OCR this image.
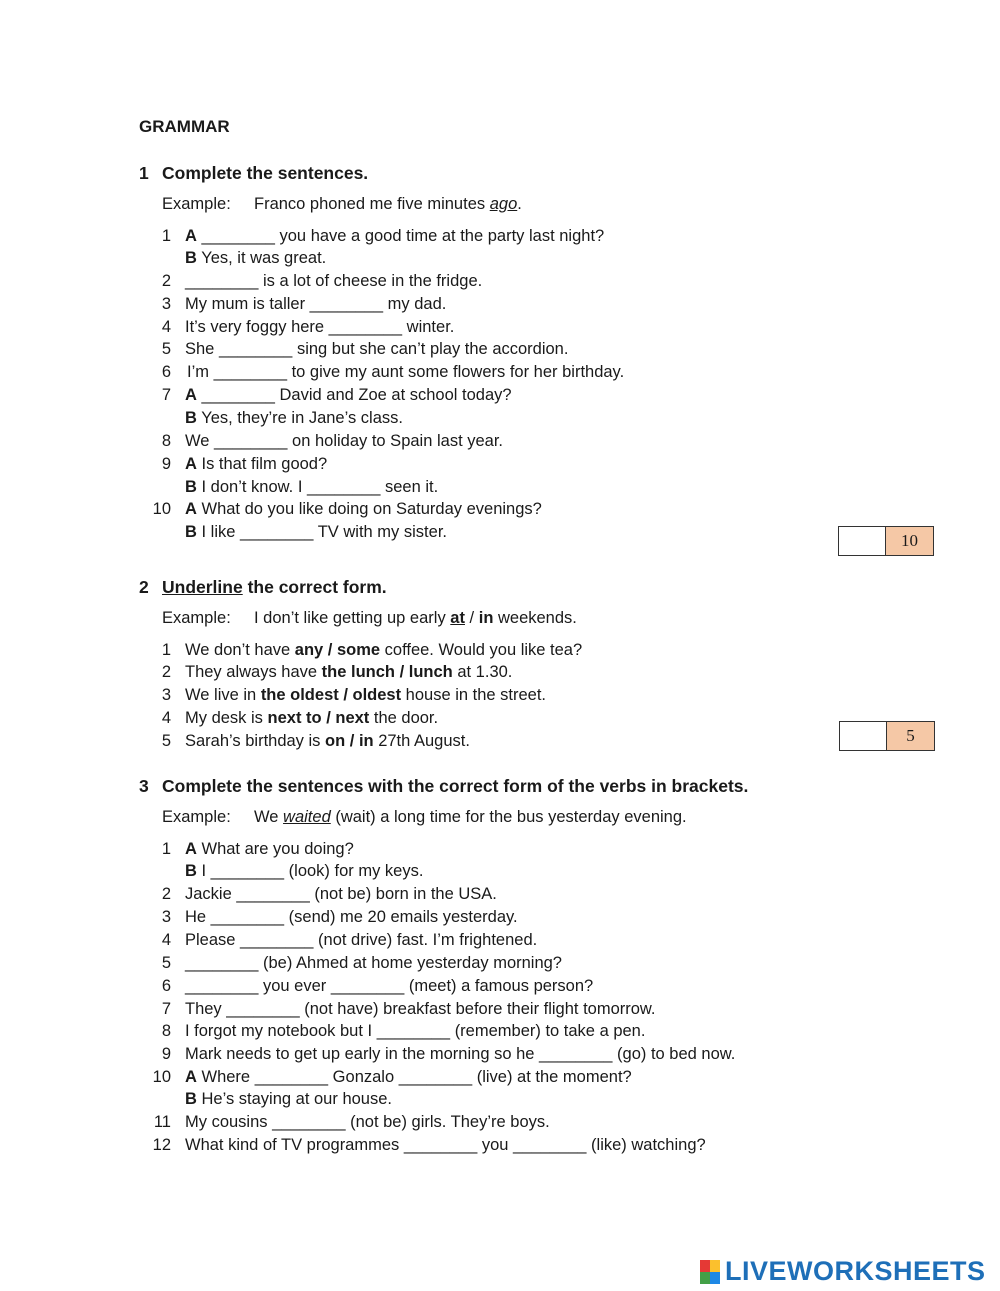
GRAMMAR
1 Complete the sentences.
Example: Franco phoned me five minutes ago.
1 A ________ you have a good time at the party last night?
B Yes, it was great.
2 ________ is a lot of cheese in the fridge.
3 My mum is taller ________ my dad.
4 It’s very foggy here ________ winter.
5 She ________ sing but she can’t play the accordion.
6 I’m ________ to give my aunt some flowers for her birthday.
7 A ________ David and Zoe at school today?
B Yes, they’re in Jane’s class.
8 We ________ on holiday to Spain last year.
9 A Is that film good?
B I don’t know. I ________ seen it.
10 A What do you like doing on Saturday evenings?
B I like ________ TV with my sister.	10
2 Underline the correct form.
Example: I don’t like getting up early at / in weekends.
1 We don’t have any / some coffee. Would you like tea?
2 They always have the lunch / lunch at 1.30.
3 We live in the oldest / oldest house in the street.
4 My desk is next to / next the door.
5 Sarah’s birthday is on / in 27th August.	5
3 Complete the sentences with the correct form of the verbs in brackets.
Example: We waited (wait) a long time for the bus yesterday evening.
1 A What are you doing?
B I ________ (look) for my keys.
2 Jackie ________ (not be) born in the USA.
3 He ________ (send) me 20 emails yesterday.
4 Please ________ (not drive) fast. I’m frightened.
5 ________ (be) Ahmed at home yesterday morning?
6 ________ you ever ________ (meet) a famous person?
7 They ________ (not have) breakfast before their flight tomorrow.
8 I forgot my notebook but I ________ (remember) to take a pen.
9 Mark needs to get up early in the morning so he ________ (go) to bed now.
10 A Where ________ Gonzalo ________ (live) at the moment?
B He’s staying at our house.
11 My cousins ________ (not be) girls. They’re boys.
12 What kind of TV programmes ________ you ________ (like) watching?
LIVEWORKSHEETS
